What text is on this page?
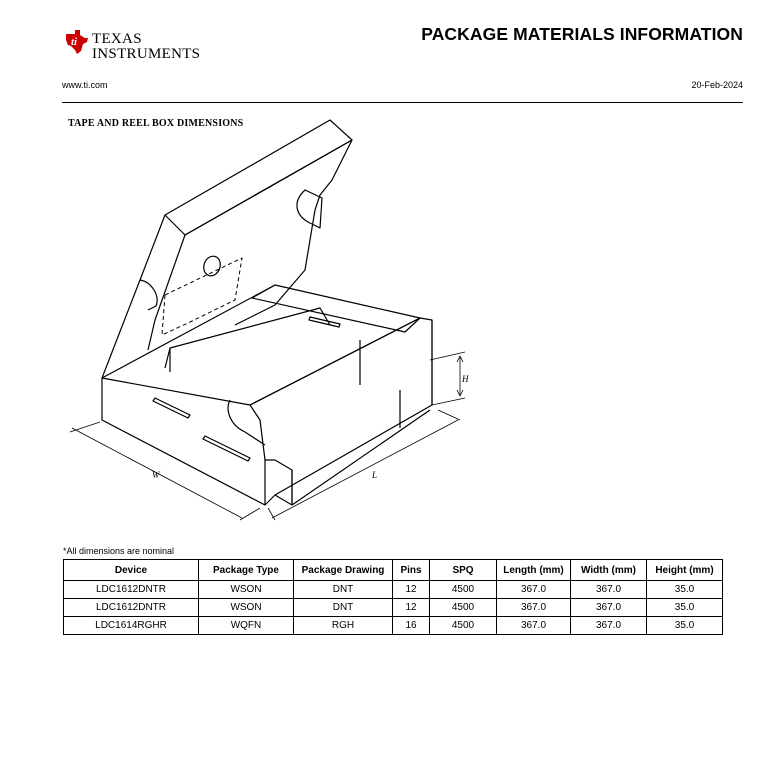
ti TEXAS
INSTRUMENTS
PACKAGE MATERIALS INFORMATION
www.ti.com	20-Feb-2024
TAPE AND REEL BOX DIMENSIONS
H
W	L
*All dimensions are nominal
Device	Package Type	Package Drawing	Pins	SPQ	Length (mm)	Width (mm)	Height (mm)
LDC1612DNTR	WSON	DNT	12	4500	367.0	367.0	35.0
LDC1612DNTR	WSON	DNT	12	4500	367.0	367.0	35.0
LDC1614RGHR	WQFN	RGH	16	4500	367.0	367.0	35.0
